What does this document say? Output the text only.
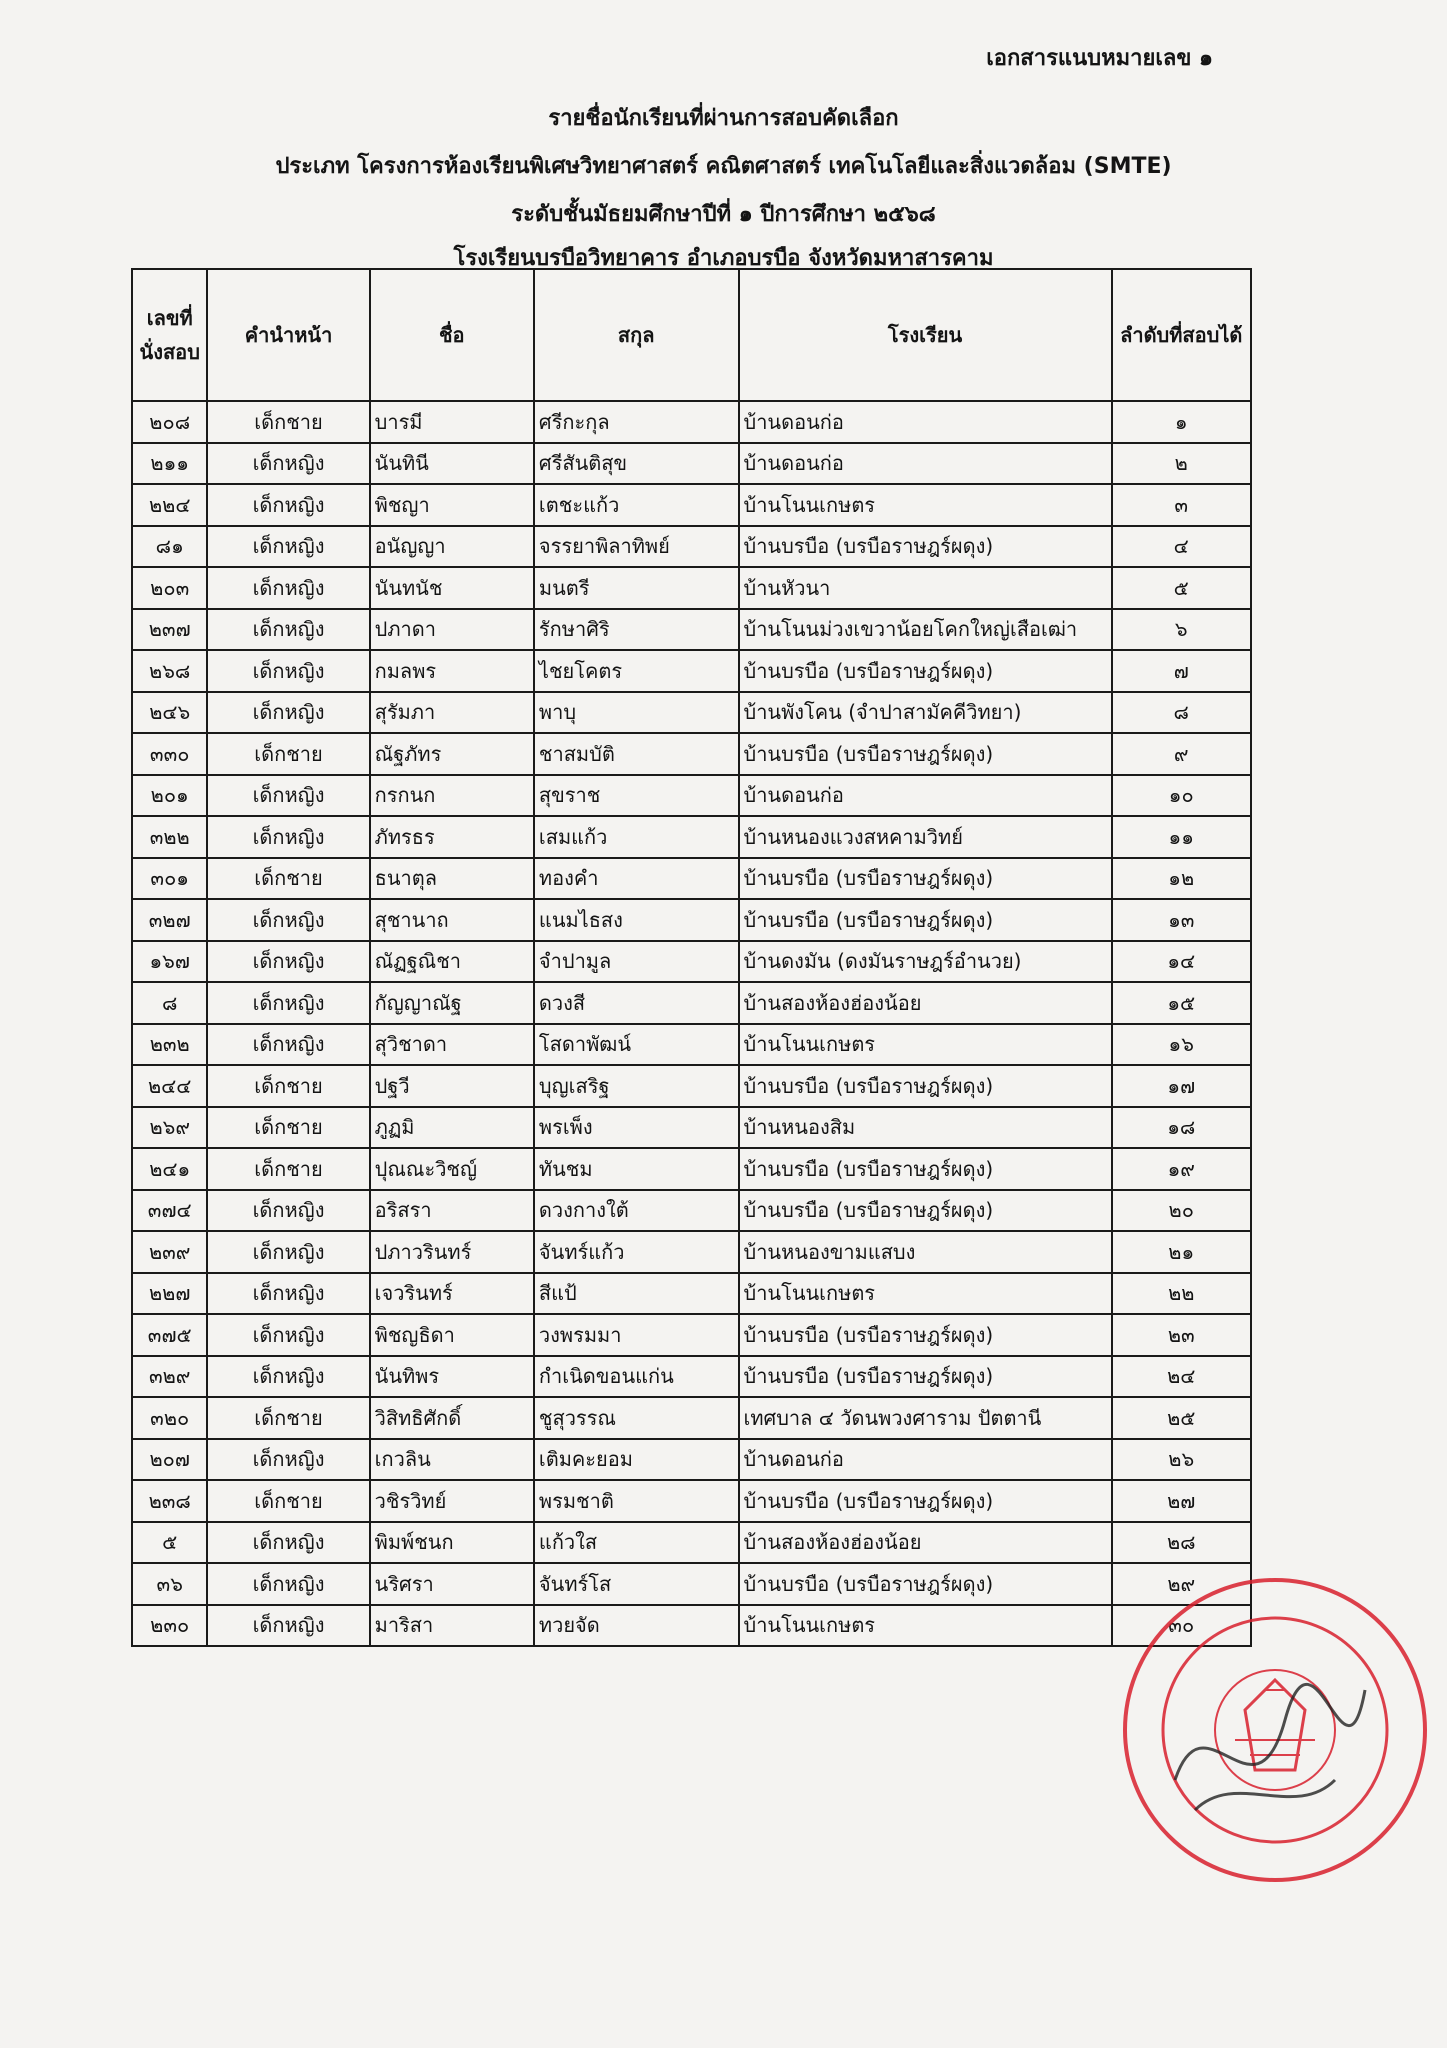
เอกสารแนบหมายเลข ๑
รายชื่อนักเรียนที่ผ่านการสอบคัดเลือก
ประเภท โครงการห้องเรียนพิเศษวิทยาศาสตร์ คณิตศาสตร์ เทคโนโลยีและสิ่งแวดล้อม (SMTE)
ระดับชั้นมัธยมศึกษาปีที่ ๑ ปีการศึกษา ๒๕๖๘
โรงเรียนบรบือวิทยาคาร อำเภอบรบือ จังหวัดมหาสารคาม
เลขที่นั่งสอบ	คำนำหน้า	ชื่อ	สกุล	โรงเรียน	ลำดับที่สอบได้
๒๐๘	เด็กชาย	บารมี	ศรีกะกุล	บ้านดอนก่อ	๑
๒๑๑	เด็กหญิง	นันทินี	ศรีสันติสุข	บ้านดอนก่อ	๒
๒๒๔	เด็กหญิง	พิชญา	เตชะแก้ว	บ้านโนนเกษตร	๓
๘๑	เด็กหญิง	อนัญญา	จรรยาพิลาทิพย์	บ้านบรบือ (บรบือราษฎร์ผดุง)	๔
๒๐๓	เด็กหญิง	นันทนัช	มนตรี	บ้านหัวนา	๕
๒๓๗	เด็กหญิง	ปภาดา	รักษาศิริ	บ้านโนนม่วงเขวาน้อยโคกใหญ่เสือเฒ่า	๖
๒๖๘	เด็กหญิง	กมลพร	ไชยโคตร	บ้านบรบือ (บรบือราษฎร์ผดุง)	๗
๒๔๖	เด็กหญิง	สุรัมภา	พาบุ	บ้านพังโคน (จำปาสามัคคีวิทยา)	๘
๓๓๐	เด็กชาย	ณัฐภัทร	ชาสมบัติ	บ้านบรบือ (บรบือราษฎร์ผดุง)	๙
๒๐๑	เด็กหญิง	กรกนก	สุขราช	บ้านดอนก่อ	๑๐
๓๒๒	เด็กหญิง	ภัทรธร	เสมแก้ว	บ้านหนองแวงสหคามวิทย์	๑๑
๓๐๑	เด็กชาย	ธนาตุล	ทองคำ	บ้านบรบือ (บรบือราษฎร์ผดุง)	๑๒
๓๒๗	เด็กหญิง	สุชานาถ	แนมไธสง	บ้านบรบือ (บรบือราษฎร์ผดุง)	๑๓
๑๖๗	เด็กหญิง	ณัฏฐณิชา	จำปามูล	บ้านดงมัน (ดงมันราษฎร์อำนวย)	๑๔
๘	เด็กหญิง	กัญญาณัฐ	ดวงสี	บ้านสองห้องฮ่องน้อย	๑๕
๒๓๒	เด็กหญิง	สุวิชาดา	โสดาพัฒน์	บ้านโนนเกษตร	๑๖
๒๔๔	เด็กชาย	ปฐวี	บุญเสริฐ	บ้านบรบือ (บรบือราษฎร์ผดุง)	๑๗
๒๖๙	เด็กชาย	ภูฏมิ	พรเพ็ง	บ้านหนองสิม	๑๘
๒๔๑	เด็กชาย	ปุณณะวิชญ์	ทันชม	บ้านบรบือ (บรบือราษฎร์ผดุง)	๑๙
๓๗๔	เด็กหญิง	อริสรา	ดวงกางใต้	บ้านบรบือ (บรบือราษฎร์ผดุง)	๒๐
๒๓๙	เด็กหญิง	ปภาวรินทร์	จันทร์แก้ว	บ้านหนองขามแสบง	๒๑
๒๒๗	เด็กหญิง	เจวรินทร์	สีแป้	บ้านโนนเกษตร	๒๒
๓๗๕	เด็กหญิง	พิชญธิดา	วงพรมมา	บ้านบรบือ (บรบือราษฎร์ผดุง)	๒๓
๓๒๙	เด็กหญิง	นันทิพร	กำเนิดขอนแก่น	บ้านบรบือ (บรบือราษฎร์ผดุง)	๒๔
๓๒๐	เด็กชาย	วิสิทธิศักดิ์	ชูสุวรรณ	เทศบาล ๔ วัดนพวงศาราม ปัตตานี	๒๕
๒๐๗	เด็กหญิง	เกวลิน	เติมคะยอม	บ้านดอนก่อ	๒๖
๒๓๘	เด็กชาย	วชิรวิทย์	พรมชาติ	บ้านบรบือ (บรบือราษฎร์ผดุง)	๒๗
๕	เด็กหญิง	พิมพ์ชนก	แก้วใส	บ้านสองห้องฮ่องน้อย	๒๘
๓๖	เด็กหญิง	นริศรา	จันทร์โส	บ้านบรบือ (บรบือราษฎร์ผดุง)	๒๙
๒๓๐	เด็กหญิง	มาริสา	ทวยจัด	บ้านโนนเกษตร	๓๐
